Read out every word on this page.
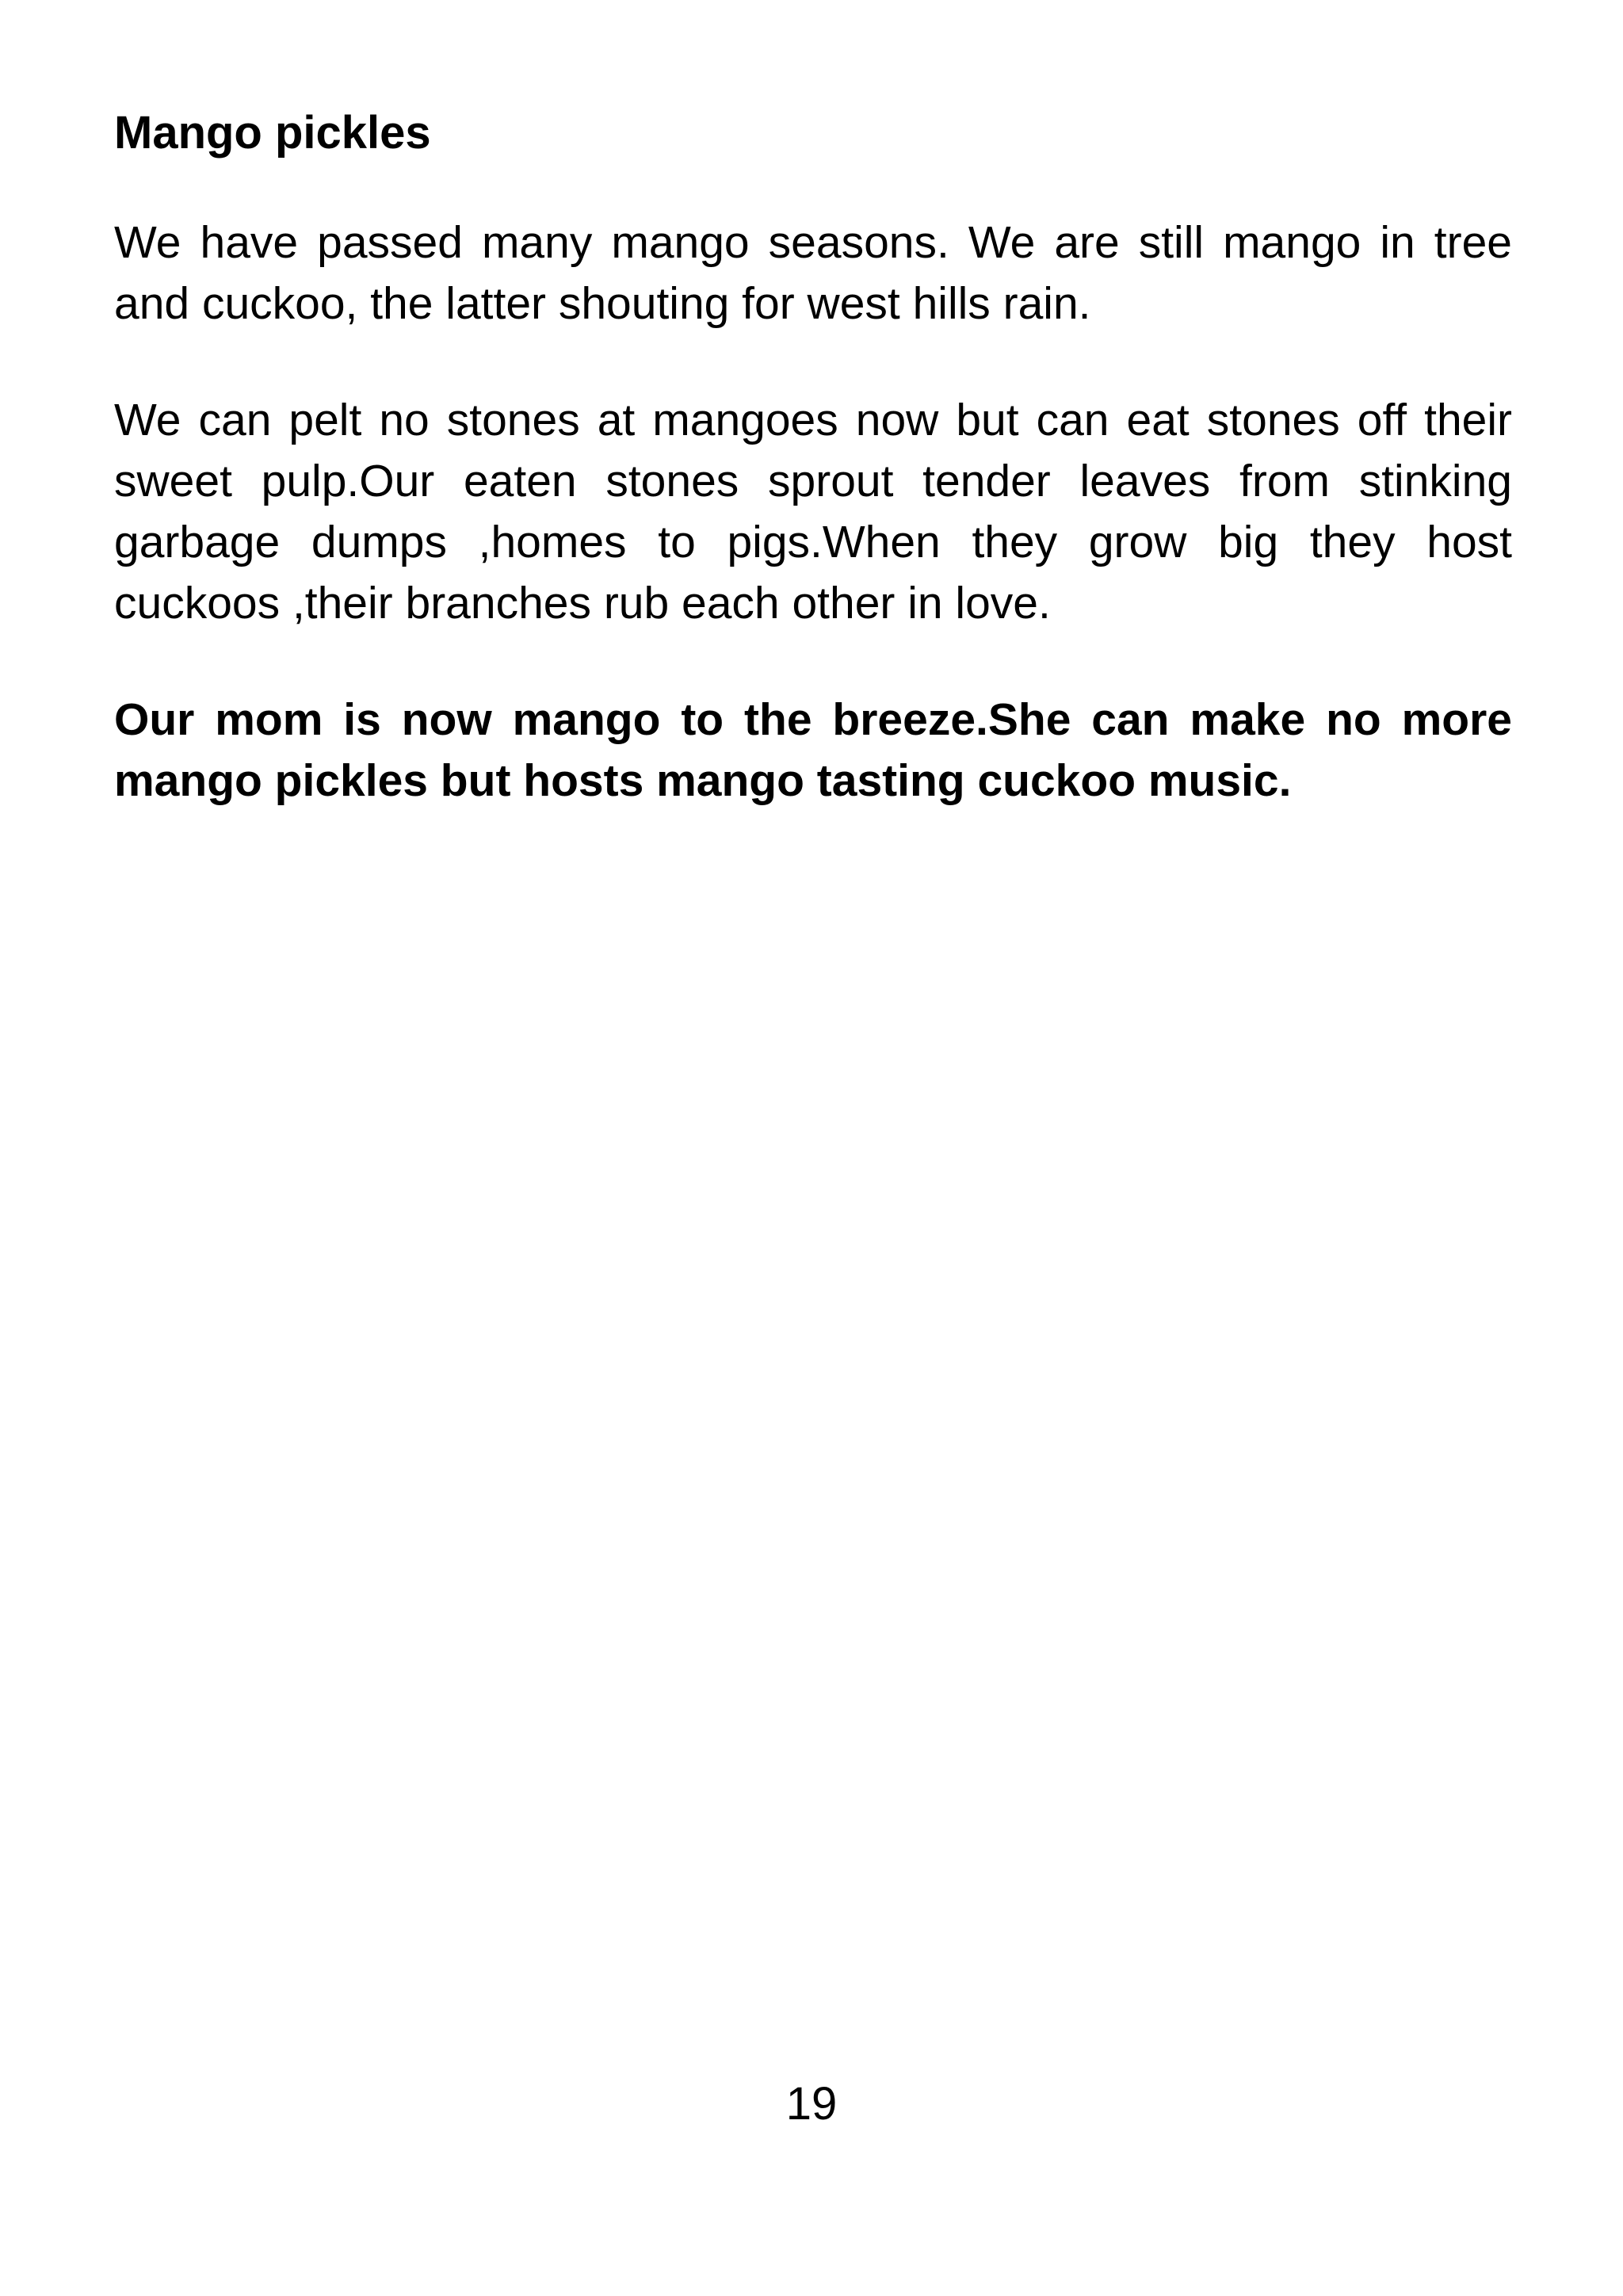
Mango pickles

We have passed many mango seasons. We are still mango in tree and cuckoo, the latter shouting for west hills rain.

We can pelt no stones at mangoes now but can eat stones off their sweet pulp.Our eaten stones sprout tender leaves from stinking garbage dumps ,homes to pigs.When they grow big they host cuckoos ,their branches rub each other in love.

Our mom is now mango to the breeze.She can make no more mango pickles but hosts mango tasting cuckoo music.

19
